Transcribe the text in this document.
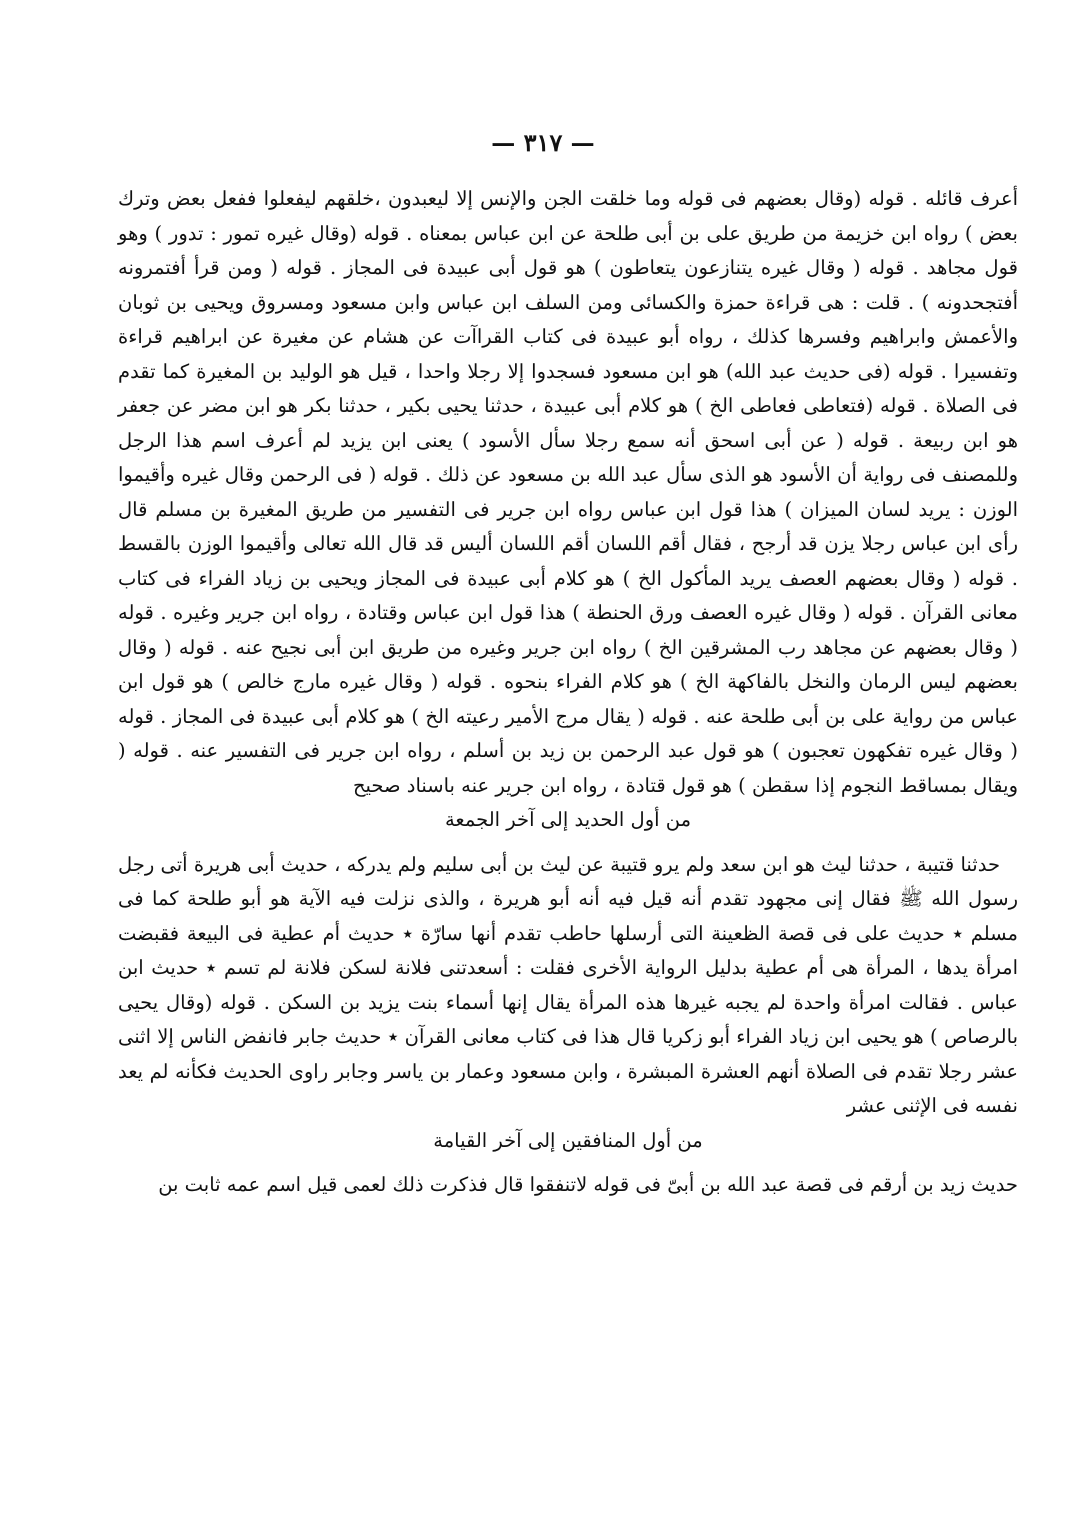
— ٣١٧ —

أعرف قائله . قوله (وقال بعضهم فى قوله وما خلقت الجن والإنس إلا ليعبدون ،خلقهم ليفعلوا ففعل بعض وترك بعض ) رواه ابن خزيمة من طريق على بن أبى طلحة عن ابن عباس بمعناه . قوله (وقال غيره تمور : تدور ) وهو قول مجاهد . قوله ( وقال غيره يتنازعون يتعاطون ) هو قول أبى عبيدة فى المجاز . قوله ( ومن قرأ أفتمرونه أفتجحدونه ) . قلت : هى قراءة حمزة والكسائى ومن السلف ابن عباس وابن مسعود ومسروق ويحيى بن ثوبان والأعمش وابراهيم وفسرها كذلك ، رواه أبو عبيدة فى كتاب القراآت عن هشام عن مغيرة عن ابراهيم قراءة وتفسيرا . قوله (فى حديث عبد الله) هو ابن مسعود فسجدوا إلا رجلا واحدا ، قيل هو الوليد بن المغيرة كما تقدم فى الصلاة . قوله (فتعاطى فعاطى الخ ) هو كلام أبى عبيدة ، حدثنا يحيى بكير ، حدثنا بكر هو ابن مضر عن جعفر هو ابن ربيعة . قوله ( عن أبى اسحق أنه سمع رجلا سأل الأسود ) يعنى ابن يزيد لم أعرف اسم هذا الرجل وللمصنف فى رواية أن الأسود هو الذى سأل عبد الله بن مسعود عن ذلك . قوله ( فى الرحمن وقال غيره وأقيموا الوزن : يريد لسان الميزان ) هذا قول ابن عباس رواه ابن جرير فى التفسير من طريق المغيرة بن مسلم قال رأى ابن عباس رجلا يزن قد أرجح ، فقال أقم اللسان أقم اللسان أليس قد قال الله تعالى وأقيموا الوزن بالقسط . قوله ( وقال بعضهم العصف يريد المأكول الخ ) هو كلام أبى عبيدة فى المجاز ويحيى بن زياد الفراء فى كتاب معانى القرآن . قوله ( وقال غيره العصف ورق الحنطة ) هذا قول ابن عباس وقتادة ، رواه ابن جرير وغيره . قوله ( وقال بعضهم عن مجاهد رب المشرقين الخ ) رواه ابن جرير وغيره من طريق ابن أبى نجيح عنه . قوله ( وقال بعضهم ليس الرمان والنخل بالفاكهة الخ ) هو كلام الفراء بنحوه . قوله ( وقال غيره مارج خالص ) هو قول ابن عباس من رواية على بن أبى طلحة عنه . قوله ( يقال مرج الأمير رعيته الخ ) هو كلام أبى عبيدة فى المجاز . قوله ( وقال غيره تفكهون تعجبون ) هو قول عبد الرحمن بن زيد بن أسلم ، رواه ابن جرير فى التفسير عنه . قوله ( ويقال بمساقط النجوم إذا سقطن ) هو قول قتادة ، رواه ابن جرير عنه باسناد صحيح

من أول الحديد إلى آخر الجمعة

حدثنا قتيبة ، حدثنا ليث هو ابن سعد ولم يرو قتيبة عن ليث بن أبى سليم ولم يدركه ، حديث أبى هريرة أتى رجل رسول الله ﷺ فقال إنى مجهود تقدم أنه قيل فيه أنه أبو هريرة ، والذى نزلت فيه الآية هو أبو طلحة كما فى مسلم ٭ حديث على فى قصة الظعينة التى أرسلها حاطب تقدم أنها سارّة ٭ حديث أم عطية فى البيعة فقبضت امرأة يدها ، المرأة هى أم عطية بدليل الرواية الأخرى فقلت : أسعدتنى فلانة لسكن فلانة لم تسم ٭ حديث ابن عباس . فقالت امرأة واحدة لم يجبه غيرها هذه المرأة يقال إنها أسماء بنت يزيد بن السكن . قوله (وقال يحيى بالرصاص ) هو يحيى ابن زياد الفراء أبو زكريا قال هذا فى كتاب معانى القرآن ٭ حديث جابر فانفض الناس إلا اثنى عشر رجلا تقدم فى الصلاة أنهم العشرة المبشرة ، وابن مسعود وعمار بن ياسر وجابر راوى الحديث فكأنه لم يعد نفسه فى الإثنى عشر

من أول المنافقين إلى آخر القيامة

حديث زيد بن أرقم فى قصة عبد الله بن أبىّ فى قوله لاتنفقوا قال فذكرت ذلك لعمى قيل اسم عمه ثابت بن
